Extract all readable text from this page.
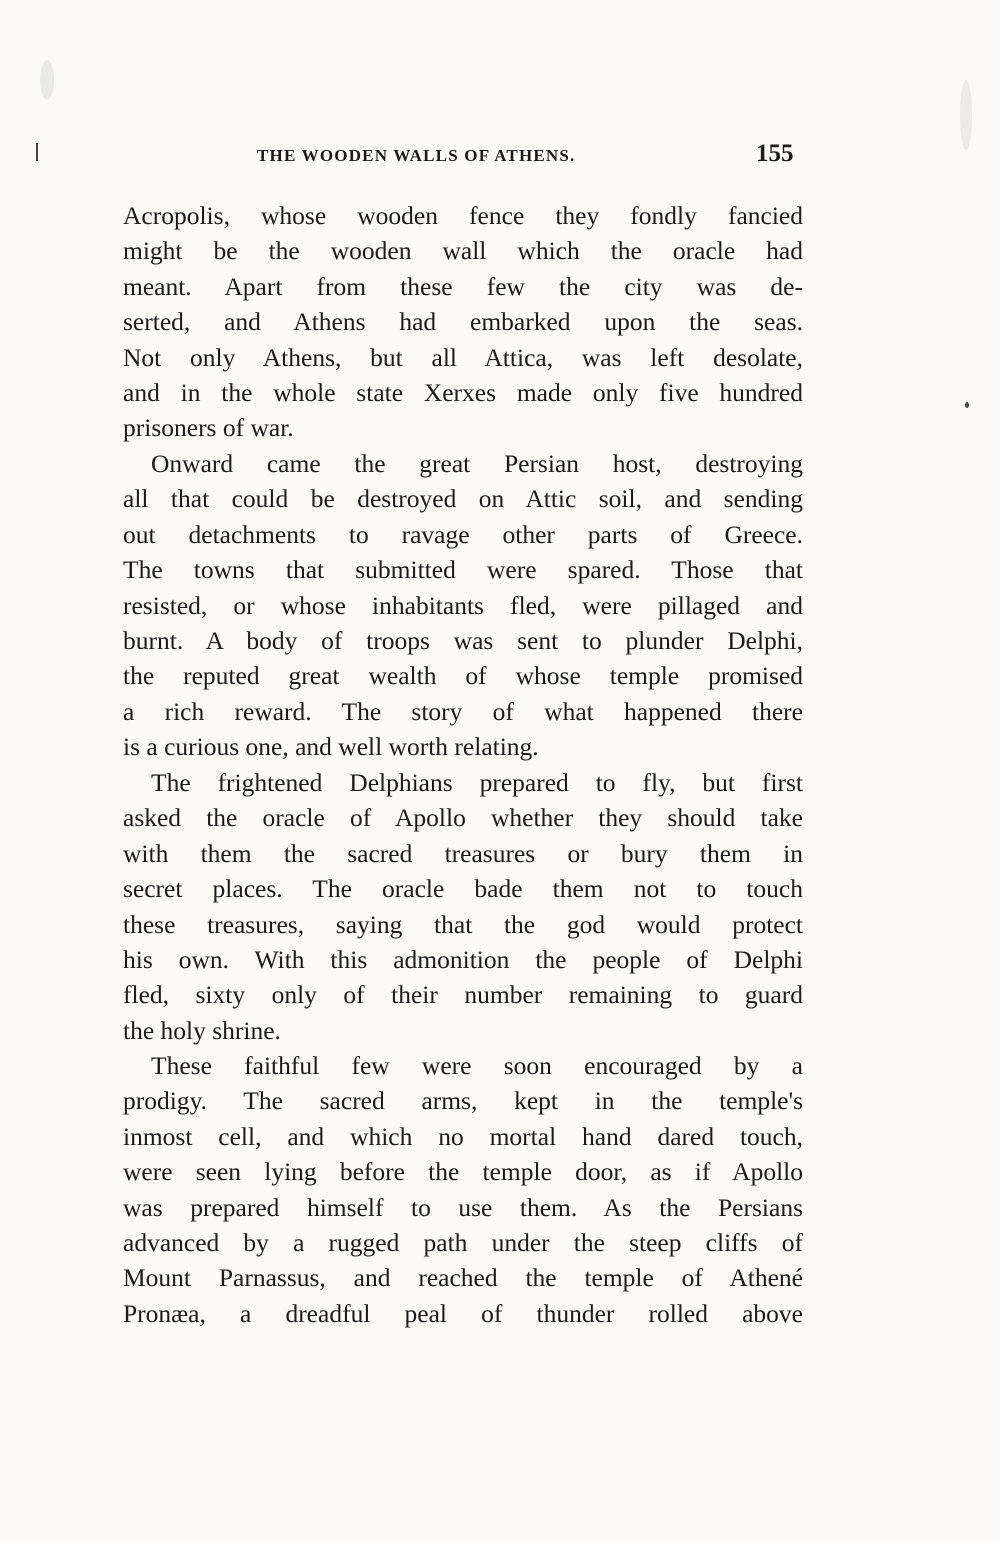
THE WOODEN WALLS OF ATHENS.	155
Acropolis, whose wooden fence they fondly fancied
might be the wooden wall which the oracle had
meant. Apart from these few the city was de-
serted, and Athens had embarked upon the seas.
Not only Athens, but all Attica, was left desolate,
and in the whole state Xerxes made only five hundred
prisoners of war.
Onward came the great Persian host, destroying
all that could be destroyed on Attic soil, and sending
out detachments to ravage other parts of Greece.
The towns that submitted were spared. Those that
resisted, or whose inhabitants fled, were pillaged and
burnt. A body of troops was sent to plunder Delphi,
the reputed great wealth of whose temple promised
a rich reward. The story of what happened there
is a curious one, and well worth relating.
The frightened Delphians prepared to fly, but first
asked the oracle of Apollo whether they should take
with them the sacred treasures or bury them in
secret places. The oracle bade them not to touch
these treasures, saying that the god would protect
his own. With this admonition the people of Delphi
fled, sixty only of their number remaining to guard
the holy shrine.
These faithful few were soon encouraged by a
prodigy. The sacred arms, kept in the temple's
inmost cell, and which no mortal hand dared touch,
were seen lying before the temple door, as if Apollo
was prepared himself to use them. As the Persians
advanced by a rugged path under the steep cliffs of
Mount Parnassus, and reached the temple of Athené
Pronæa, a dreadful peal of thunder rolled above
